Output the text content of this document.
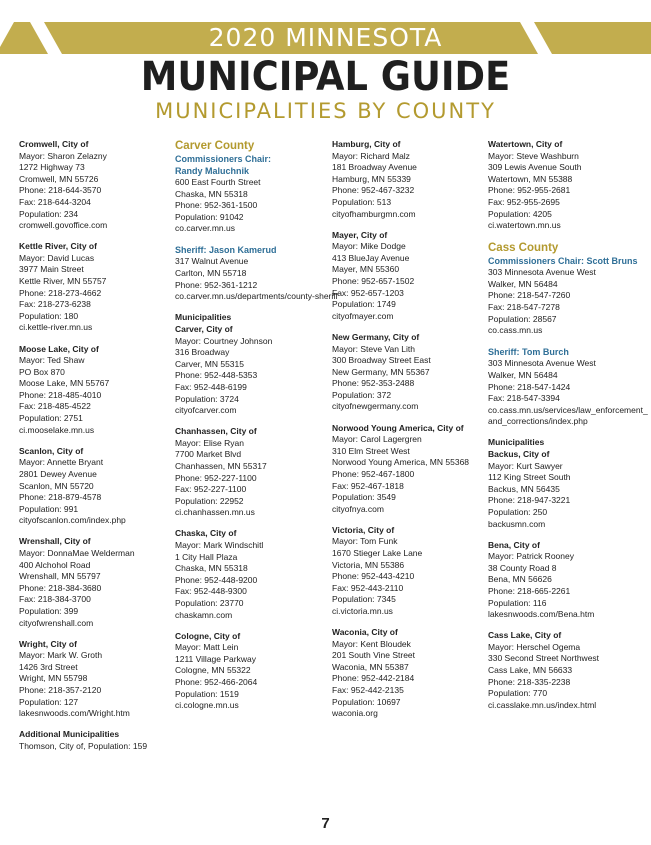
2020 MINNESOTA
MUNICIPAL GUIDE
MUNICIPALITIES BY COUNTY
Cromwell, City of
Mayor: Sharon Zelazny
1272 Highway 73
Cromwell, MN 55726
Phone: 218-644-3570
Fax: 218-644-3204
Population: 234
cromwell.govoffice.com
Kettle River, City of
Mayor: David Lucas
3977 Main Street
Kettle River, MN 55757
Phone: 218-273-4662
Fax: 218-273-6238
Population: 180
ci.kettle-river.mn.us
Moose Lake, City of
Mayor: Ted Shaw
PO Box 870
Moose Lake, MN 55767
Phone: 218-485-4010
Fax: 218-485-4522
Population: 2751
ci.mooselake.mn.us
Scanlon, City of
Mayor: Annette Bryant
2801 Dewey Avenue
Scanlon, MN 55720
Phone: 218-879-4578
Population: 991
cityofscanlon.com/index.php
Wrenshall, City of
Mayor: DonnaMae Welderman
400 Alchohol Road
Wrenshall, MN 55797
Phone: 218-384-3680
Fax: 218-384-3700
Population: 399
cityofwrenshall.com
Wright, City of
Mayor: Mark W. Groth
1426 3rd Street
Wright, MN 55798
Phone: 218-357-2120
Population: 127
lakesnwoods.com/Wright.htm
Additional Municipalities
Thomson, City of, Population: 159
Carver County
Commissioners Chair:
Randy Maluchnik
600 East Fourth Street
Chaska, MN 55318
Phone: 952-361-1500
Population: 91042
co.carver.mn.us
Sheriff: Jason Kamerud
317 Walnut Avenue
Carlton, MN 55718
Phone: 952-361-1212
co.carver.mn.us/departments/county-sheriff
Municipalities
Carver, City of
Mayor: Courtney Johnson
316 Broadway
Carver, MN 55315
Phone: 952-448-5353
Fax: 952-448-6199
Population: 3724
cityofcarver.com
Chanhassen, City of
Mayor: Elise Ryan
7700 Market Blvd
Chanhassen, MN 55317
Phone: 952-227-1100
Fax: 952-227-1100
Population: 22952
ci.chanhassen.mn.us
Chaska, City of
Mayor: Mark Windschitl
1 City Hall Plaza
Chaska, MN 55318
Phone: 952-448-9200
Fax: 952-448-9300
Population: 23770
chaskamn.com
Cologne, City of
Mayor: Matt Lein
1211 Village Parkway
Cologne, MN 55322
Phone: 952-466-2064
Population: 1519
ci.cologne.mn.us
Hamburg, City of
Mayor: Richard Malz
181 Broadway Avenue
Hamburg, MN 55339
Phone: 952-467-3232
Population: 513
cityofhamburgmn.com
Mayer, City of
Mayor: Mike Dodge
413 BlueJay Avenue
Mayer, MN 55360
Phone: 952-657-1502
Fax: 952-657-1203
Population: 1749
cityofmayer.com
New Germany, City of
Mayor: Steve Van Lith
300 Broadway Street East
New Germany, MN 55367
Phone: 952-353-2488
Population: 372
cityofnewgermany.com
Norwood Young America, City of
Mayor: Carol Lagergren
310 Elm Street West
Norwood Young America, MN 55368
Phone: 952-467-1800
Fax: 952-467-1818
Population: 3549
cityofnya.com
Victoria, City of
Mayor: Tom Funk
1670 Stieger Lake Lane
Victoria, MN 55386
Phone: 952-443-4210
Fax: 952-443-2110
Population: 7345
ci.victoria.mn.us
Waconia, City of
Mayor: Kent Bloudek
201 South Vine Street
Waconia, MN 55387
Phone: 952-442-2184
Fax: 952-442-2135
Population: 10697
waconia.org
Watertown, City of
Mayor: Steve Washburn
309 Lewis Avenue South
Watertown, MN 55388
Phone: 952-955-2681
Fax: 952-955-2695
Population: 4205
ci.watertown.mn.us
Cass County
Commissioners Chair: Scott Bruns
303 Minnesota Avenue West
Walker, MN 56484
Phone: 218-547-7260
Fax: 218-547-7278
Population: 28567
co.cass.mn.us
Sheriff: Tom Burch
303 Minnesota Avenue West
Walker, MN 56484
Phone: 218-547-1424
Fax: 218-547-3394
co.cass.mn.us/services/law_enforcement_
and_corrections/index.php
Municipalities
Backus, City of
Mayor: Kurt Sawyer
112 King Street South
Backus, MN 56435
Phone: 218-947-3221
Population: 250
backusmn.com
Bena, City of
Mayor: Patrick Rooney
38 County Road 8
Bena, MN 56626
Phone: 218-665-2261
Population: 116
lakesnwoods.com/Bena.htm
Cass Lake, City of
Mayor: Herschel Ogema
330 Second Street Northwest
Cass Lake, MN 56633
Phone: 218-335-2238
Population: 770
ci.casslake.mn.us/index.html
7
